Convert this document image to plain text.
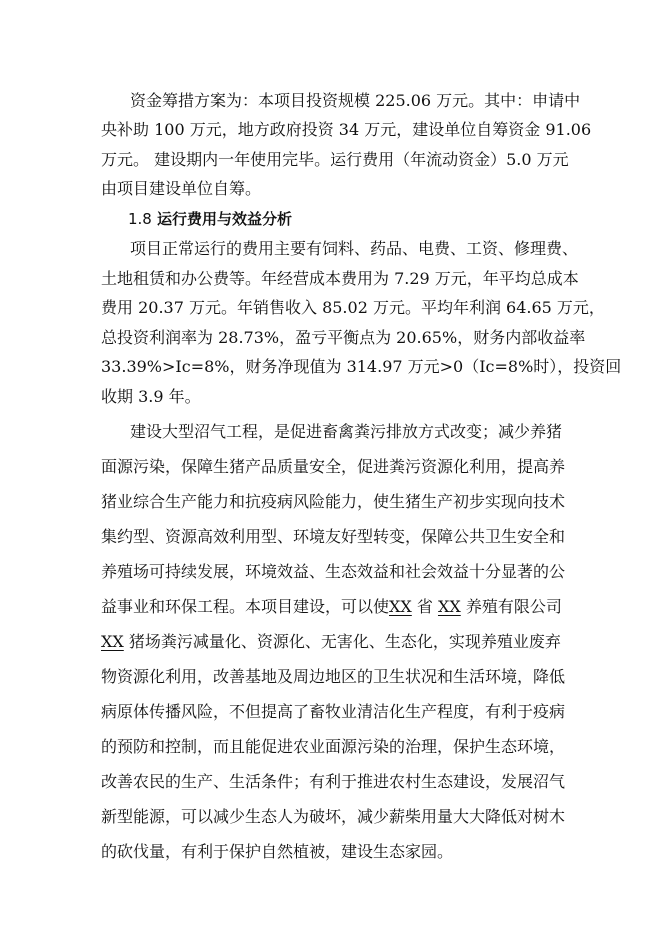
资金筹措方案为：本项目投资规模 225.06 万元。其中：申请中
央补助 100 万元，地方政府投资 34 万元，建设单位自筹资金 91.06
万元。 建设期内一年使用完毕。运行费用（年流动资金）5.0 万元
由项目建设单位自筹。
1.8 运行费用与效益分析
项目正常运行的费用主要有饲料、药品、电费、工资、修理费、
土地租赁和办公费等。年经营成本费用为 7.29 万元，年平均总成本
费用 20.37 万元。年销售收入 85.02 万元。平均年利润 64.65 万元，
总投资利润率为 28.73%，盈亏平衡点为 20.65%，财务内部收益率
33.39%>Ic=8%，财务净现值为 314.97 万元>0（Ic=8%时），投资回
收期 3.9 年。
建设大型沼气工程，是促进畜禽粪污排放方式改变；减少养猪
面源污染，保障生猪产品质量安全，促进粪污资源化利用，提高养
猪业综合生产能力和抗疫病风险能力，使生猪生产初步实现向技术
集约型、资源高效利用型、环境友好型转变，保障公共卫生安全和
养殖场可持续发展，环境效益、生态效益和社会效益十分显著的公
益事业和环保工程。本项目建设，可以使XX 省 XX 养殖有限公司
XX 猪场粪污减量化、资源化、无害化、生态化，实现养殖业废弃
物资源化利用，改善基地及周边地区的卫生状况和生活环境，降低
病原体传播风险，不但提高了畜牧业清洁化生产程度，有利于疫病
的预防和控制，而且能促进农业面源污染的治理，保护生态环境，
改善农民的生产、生活条件；有利于推进农村生态建设，发展沼气
新型能源，可以减少生态人为破坏，减少薪柴用量大大降低对树木
的砍伐量，有利于保护自然植被，建设生态家园。
